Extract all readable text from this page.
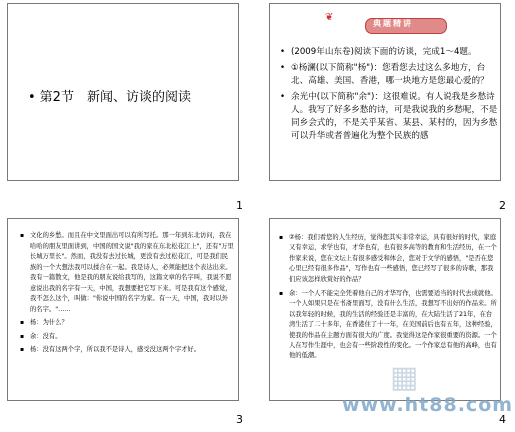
• 第2节　新闻、访谈的阅读
1
❦
典题精讲
• (2009年山东卷)阅读下面的访谈，完成1～4题。
• ①杨澜(以下简称"杨")：您看您去过这么多地方，台北、高雄、美国、香港，哪一块地方是您最心爱的？
• 余光中(以下简称"余")：这很难说。有人说我是乡愁诗人。我写了好多乡愁的诗，可是我说我的乡愁呢，不是同乡会式的，不是关乎某省、某县、某村的，因为乡愁可以升华或者普遍化为整个民族的感
2
▪ 文化的乡愁。而且在中文里面出可以有所写托。那一年到东北访问，我在哈哈的朋友里面讲到，中国的国文说"我的家在东北松花江上"，还有"万里长城万里长"。然而，我没有去过长城，更没有去过松花江，可是我们民族的一个大想法我可以揉合在一起。我是诗人，必须能把这个表达出来。我有一篇散文，他是我的朋友说给我写的，这篇文章的名字叫，我说不愿意说出我的名字有一天，中国，我想要把它写下来。可是我有这个感觉，我不怎么这个，叫做："你说中国的名字为家。有一天，中国，我对以外的名字。"……
▪ 杨：为什么？
▪ 余：没有。
▪ 杨：没有这两个字，所以我不是诗人，感受没这两个字才好。
3
▪ ②杨：我们看您的人生经历，觉得您其实非常幸运，具有很好的时代，家庭又有幸运，求学也有，才华也有，也有很多高等的教育和生活经历，在一个作家来说，您在文坛上有很多感受和体会，您对于文学的感悟，"是否在您心里已经有很多作品"，写作也有一些感悟，您已经写了很多的诗歌，那我们应该怎样欣赏好的作品？
▪ 余：一个人不能完全凭着他自己的才华写作，也需要适当的时代去成就他。一个人如果只是在书斋里面写，没有什么生活，我想写不出好的作品来。所以我年轻的时候，我的生活的经验还是丰富的，在大陆生活了21年，在台湾生活了二十多年，在香港住了十一年，在美国前后也有五年，这种经验，使我的作品在主题方面有很大的广度。我觉得这是作家很重要的资源。一个人在写作生涯中，也会有一些阶段性的变化。一个作家总有他的高峰，也有他的低潮。
4
▦
www.ht88.com
